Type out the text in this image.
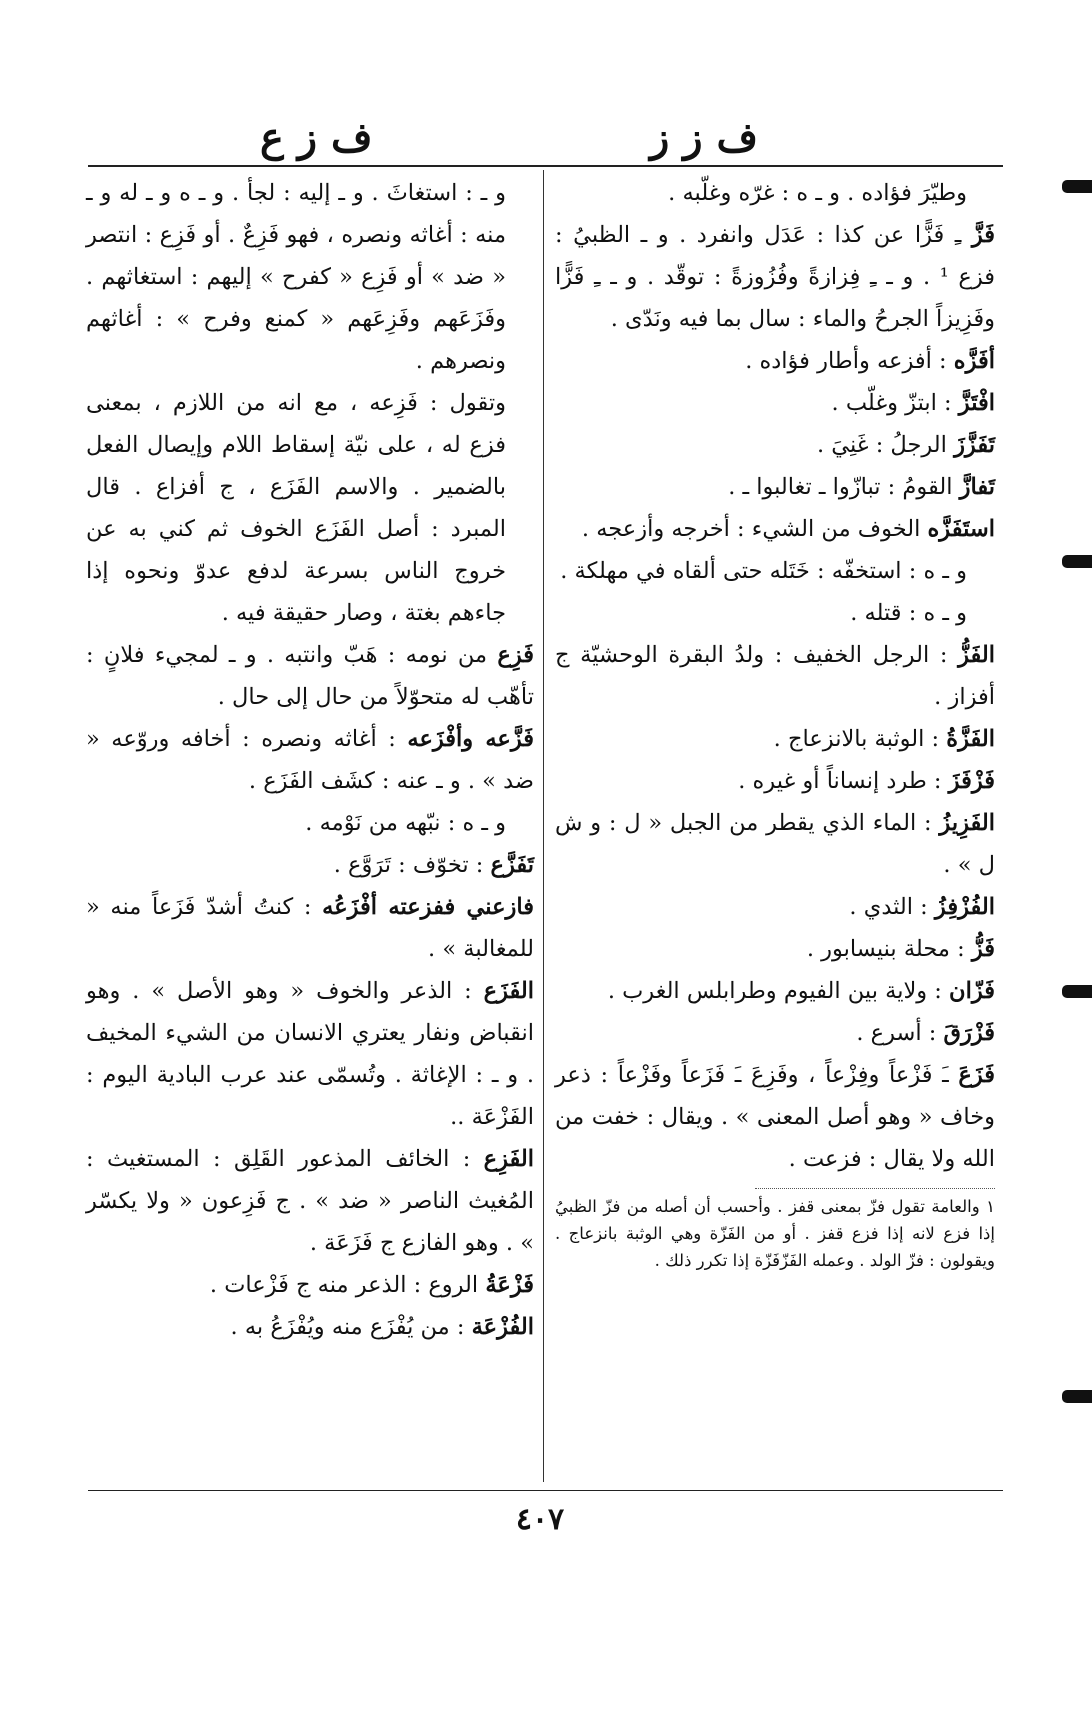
ف ز ز
ف ز ع

وطيّرَ فؤاده . و ـ ه : غرّه وغلّبه .

فَزَّ ـِ فَزًّا عن كذا : عَدَل وانفرد . و ـ الظبيُ : فزع ¹ . و ـ ـِ فِزازةً وفُزُوزةً : توقّد . و ـ ـِ فَزًّا وفَزِيزاً الجرحُ والماء : سال بما فيه ونَدّى .

أفَزَّه : أفزعه وأطار فؤاده .

افْتَزَّ : ابتزّ وغلّب .

تَفَزَّزَ الرجلُ : غَنِيَ .

تَفازَّ القومُ : تبازّوا ـ تغالبوا ـ .

استَفَزَّه الخوف من الشيء : أخرجه وأزعجه .

و ـ ه : استخفّه : خَتَله حتى ألقاه في مهلكة .

و ـ ه : قتله .

الفَزُّ : الرجل الخفيف : ولدُ البقرة الوحشيّة ج أفزاز .

الفَزَّةُ : الوثبة بالانزعاج .

فَزْفَزَ : طرد إنساناً أو غيره .

الفَزِيزُ : الماء الذي يقطر من الجبل « ل : و ش ل » .

الفُزْفِزُ : الثدي .

فَزُّ : محلة بنيسابور .

فَزّان : ولاية بين الفيوم وطرابلس الغرب .

فَزْرَقَ : أسرع .

فَزَعَ ـَ فَزْعاً وفِزْعاً ، وفَزِعَ ـَ فَزَعاً وفَزْعاً : ذعر وخاف « وهو أصل المعنى » . ويقال : خفت من الله ولا يقال : فزعت .

١ والعامة تقول فزّ بمعنى قفز . وأحسب أن أصله من فزّ الظبيُ إذا فزع لانه إذا فزع قفز . أو من الفَزّة وهي الوثبة بانزعاج . ويقولون : فزّ الولد . وعمله الفَزّفَزّة إذا تكرر ذلك .

و ـ : استغاثَ . و ـ إليه : لجأ . و ـ ه و ـ له و ـ منه : أغاثه ونصره ، فهو فَزِعٌ . أو فَزِع : انتصر « ضد » أو فَزِع « كفرح » إليهم : استغاثهم . وفَزَعَهم وفَزِعَهم « كمنع وفرح » : أغاثهم ونصرهم .

وتقول : فَزِعه ، مع انه من اللازم ، بمعنى فزع له ، على نيّة إسقاط اللام وإيصال الفعل بالضمير . والاسم الفَزَع ، ج أفزاع . قال المبرد : أصل الفَزَع الخوف ثم كني به عن خروج الناس بسرعة لدفع عدوّ ونحوه إذا جاءهم بغتة ، وصار حقيقة فيه .

فَزِع من نومه : هَبّ وانتبه . و ـ لمجيء فلانٍ : تأهّب له متحوّلاً من حال إلى حال .

فَزَّعه وأفْزَعه : أغاثه ونصره : أخافه وروّعه « ضد » . و ـ عنه : كشَف الفَزَع .

و ـ ه : نبّهه من نَوْمه .

تَفَزَّع : تخوّف : تَرَوَّع .

فازعني ففزعته أفْزَعُه : كنتُ أشدّ فَزَعاً منه « للمغالبة » .

الفَزَع : الذعر والخوف « وهو الأصل » . وهو انقباض ونفار يعتري الانسان من الشيء المخيف . و ـ : الإغاثة . وتُسمّى عند عرب البادية اليوم : الفَزْعَة ..

الفَزِع : الخائف المذعور القَلِق : المستغيث : المُغيث الناصر « ضد » . ج فَزِعون « ولا يكسّر » . وهو الفازع ج فَزَعَة .

فَزْعَةُ الروع : الذعر منه ج فَزْعات .

الفُزْعَة : من يُفْزَع منه ويُفْزَعُ به .

٤٠٧
